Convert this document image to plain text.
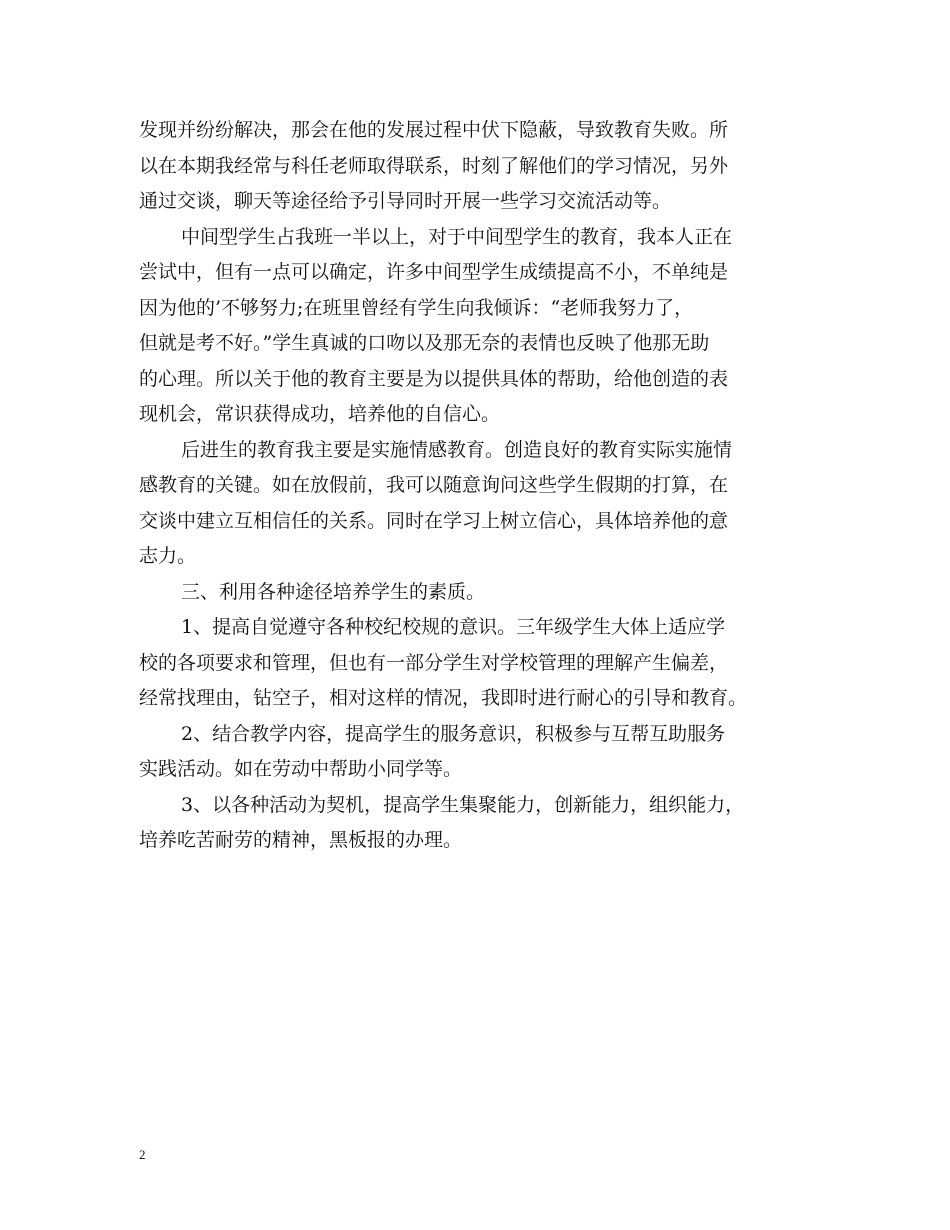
发现并纷纷解决，那会在他的发展过程中伏下隐蔽，导致教育失败。所
以在本期我经常与科任老师取得联系，时刻了解他们的学习情况，另外
通过交谈，聊天等途径给予引导同时开展一些学习交流活动等。
中间型学生占我班一半以上，对于中间型学生的教育，我本人正在
尝试中，但有一点可以确定，许多中间型学生成绩提高不小，不单纯是
因为他的’不够努力;在班里曾经有学生向我倾诉：“老师我努力了，
但就是考不好。”学生真诚的口吻以及那无奈的表情也反映了他那无助
的心理。所以关于他的教育主要是为以提供具体的帮助，给他创造的表
现机会，常识获得成功，培养他的自信心。
后进生的教育我主要是实施情感教育。创造良好的教育实际实施情
感教育的关键。如在放假前，我可以随意询问这些学生假期的打算，在
交谈中建立互相信任的关系。同时在学习上树立信心，具体培养他的意
志力。
三、利用各种途径培养学生的素质。
1、提高自觉遵守各种校纪校规的意识。三年级学生大体上适应学
校的各项要求和管理，但也有一部分学生对学校管理的理解产生偏差，
经常找理由，钻空子，相对这样的情况，我即时进行耐心的引导和教育。
2、结合教学内容，提高学生的服务意识，积极参与互帮互助服务
实践活动。如在劳动中帮助小同学等。
3、以各种活动为契机，提高学生集聚能力，创新能力，组织能力，
培养吃苦耐劳的精神，黑板报的办理。
2
